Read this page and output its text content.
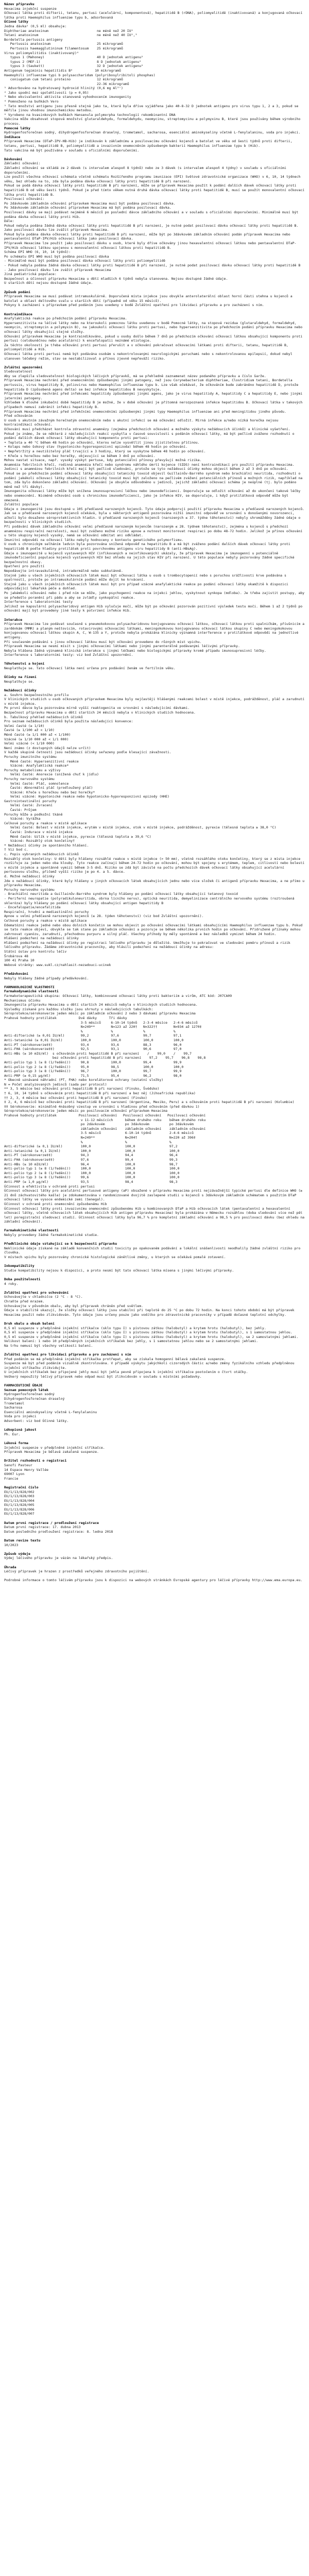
Název přípravku

Hexacima injekční suspenze

Očkovací látka proti difterii, tetanu, pertusi (acelulární, komponentová), hepatitidě B (rDNA), poliomyelitidě (inaktivovaná) a konjugovaná očkovací látka proti Haemophilus influenzae typu b, adsorbovaná

Účinné látky

Jedna dávka¹ (0,5 ml) obsahuje:

Diphtheriae anatoxinum                        ne méně než 20 IU²

Tetani anatoxinum                             ne méně než 40 IU²,³

Bordetella pertussis antigeny

Pertussis anatoxinum                       25 mikrogramů

Pertussis haemagglutininum filamentosum    25 mikrogramů

Virus poliomyelitidis (inaktivovaný)⁴

typus 1 (Mahoney)                          40 D jednotek antigenu⁵

typus 2 (MEF-1)                            8 D jednotek antigenu⁵

typus 3 (Saukett)                          32 D jednotek antigenu⁵

Antigenum tegiminis hepatitidis B⁶           10 mikrogramů

Haemophili influenzae typi b polysaccharidum (polyribosylribitoli phosphas)

coniugatum cum tetani proteino             12 mikrogramů

22-36 mikrogramů

¹ Adsorbováno na hydratovaný hydroxid hlinitý (0,6 mg Al³⁺)

² Jako spodní mez spolehlivosti (p = 0,95)

³ Nebo ekvivalentní aktivita stanovená vyhodnocením imunogenity

⁴ Pomnoženo na buňkách Vero

⁵ Tato množství antigenu jsou přesně stejná jako ta, která byla dříve vyjádřena jako 40-8-32 D jednotek antigenu pro virus typu 1, 2 a 3, pokud se měřila jinou vhodnou imunochemickou metodou.

⁶ Vyrobeno na kvasinkových buňkách Hansenula polymorpha technologií rekombinantní DNA

Vakcína může obsahovat stopová množství glutaraldehydu, formaldehydu, neomycinu, streptomycinu a polymyxinu B, které jsou používány během výrobního procesu.

Pomocné látky

Hydrogenfosforečnan sodný, dihydrogenfosforečnan draselný, trometamol, sacharosa, esenciální aminokyseliny včetně L-fenylalaninu, voda pro injekci.

Indikace

Přípravek Hexacima (DTaP-IPV-HB-Hib) je indikován k základnímu a posilovacímu očkování kojenců a batolat ve věku od šesti týdnů proti difterii, tetanu, pertusi, hepatitidě B, poliomyelitidě a invazivním onemocněním způsobeným bakterií Haemophilus influenzae typu b (Hib).

Tato vakcína má být používána v souladu s oficiálními doporučeními.

Dávkování

Základní očkování:

Základní očkování se skládá ze 2 dávek (s intervalem alespoň 8 týdnů) nebo ze 3 dávek (s intervalem alespoň 4 týdny) v souladu s oficiálními doporučeními.

Lze použít všechna očkovací schémata včetně schématu Rozšířeného programu imunizace (EPI) Světové zdravotnické organizace (WHO) v 6, 10, 14 týdnech věku, bez ohledu na to, zda byla podána dávka očkovací látky proti hepatitidě B při narození.

Pokud se podá dávka očkovací látky proti hepatitidě B při narození, může se přípravek Hexacima použít k podání dalších dávek očkovací látky proti hepatitidě B od věku šesti týdnů. Pokud je před tímto věkem nutná druhá dávka očkovací látky proti hepatitidě B, musí se použít monovalentní očkovací látka proti hepatitidě B.

Posilovací očkování:

Po 2dávkovém základním očkování přípravkem Hexacima musí být podána posilovací dávka.

Po 3dávkovém základním očkování přípravkem Hexacima má být podána posilovací dávka.

Posilovací dávky se mají podávat nejméně 6 měsíců po poslední dávce základního očkování a v souladu s oficiálními doporučeními. Minimálně musí být podána dávka očkovací látky proti Hib.

Dále:

Pokud nebyla podána žádná dávka očkovací látky proti hepatitidě B při narození, je nutné podat posilovací dávku očkovací látky proti hepatitidě B. Jako posilovací dávku lze zvážit přípravek Hexacima.

Pokud byla podána dávka očkovací látky proti hepatitidě B při narození, může být po 3dávkovém základním očkování podán přípravek Hexacima nebo pentavalentní DTaP-IPV/Hib očkovací látka jako posilovací dávka.

Přípravek Hexacima lze použít jako posilovací dávku u osob, které byly dříve očkovány jinou hexavalentní očkovací látkou nebo pentavalentní DTaP-IPV/Hib očkovací látkou spojenou s monovalentní očkovací látkou proti hepatitidě B.

Schéma EPI WHO (6, 10, 14 týdnů):

Po schématu EPI WHO musí být podána posilovací dávka

- Minimálně musí být podána posilovací dávka očkovací látky proti poliomyelitidě

- Pokud nebyla podána žádná dávka očkovací látky proti hepatitidě B při narození, je nutné podat posilovací dávku očkovací látky proti hepatitidě B

- Jako posilovací dávku lze zvážit přípravek Hexacima

Jiná pediatrická populace:

Bezpečnost a účinnost přípravku Hexacima u dětí mladších 6 týdnů nebyla stanovena. Nejsou dostupné žádné údaje.

U starších dětí nejsou dostupné žádné údaje.

Způsob podání

Přípravek Hexacima se musí podávat intramuskulárně. Doporučená místa injekce jsou obvykle anterolaterální oblast horní části stehna u kojenců a batolat a oblast deltového svalu u starších dětí (případně od věku 15 měsíců).

Pokyny k zacházení s přípravkem před podáním jsou uvedeny v bodě Zvláštní opatření pro likvidaci přípravku a pro zacházení s ním.

Kontraindikace

Anafylaktická reakce po předchozím podání přípravku Hexacima.

Hypersenzitivita na léčivé látky nebo na kteroukoli pomocnou látku uvedenou v bodě Pomocné látky, na stopová rezidua (glutaraldehyd, formaldehyd, neomycin, streptomycin a polymyxin B), na jakoukoli očkovací látku proti pertusi, nebo hypersenzitivita po předchozím podání přípravku Hexacima nebo očkovací látky obsahující stejné složky.

Očkování přípravkem Hexacima je kontraindikováno, pokud u osoby došlo během 7 dnů po předchozím očkování očkovací látkou obsahující komponentu proti pertusi (celobuněčnou nebo acelulární) k encefalopatii neznámé etiologie.

Za těchto okolností je třeba očkování proti pertusi přerušit a v očkování pokračovat očkovacími látkami proti difterii, tetanu, hepatitidě B, poliomyelitidě a Hib.

Očkovací látka proti pertusi nemá být podávána osobám s nekontrolovanými neurologickými poruchami nebo s nekontrolovanou epilepsií, dokud nebyl stanoven léčebný režim, stav se nestabilizoval a přínos zjevně nepřeváží riziko.

Zvláštní upozornění

Sledovatelnost

Aby se zlepšila sledovatelnost biologických léčivých přípravků, má se přehledně zaznamenat název podaného přípravku a číslo šarže.

Přípravek Hexacima nechrání před onemocněními způsobenými jinými patogeny, než jsou Corynebacterium diphtheriae, Clostridium tetani, Bordetella pertussis, virus hepatitidy B, poliovirus nebo Haemophilus influenzae typu b. Lze však očekávat, že očkováním bude zabráněno hepatitidě D, protože hepatitida D (způsobená agens delta) se bez infekce hepatitidou B nevyskytuje.

Přípravek Hexacima nechrání před infekcemi hepatitidy způsobenými jinými agens, jako je virus hepatitidy A, hepatitidy C a hepatitidy E, nebo jinými jaterními patogeny.

Vzhledem k dlouhé inkubační době hepatitidy B je možné, že v době očkování je přítomná nerozpoznaná infekce hepatitidou B. Očkovací látka v takových případech nemusí zabránit infekci hepatitidy B.

Přípravek Hexacima nechrání před infekčními onemocněními způsobenými jinými typy Haemophilus influenzae ani před meningitidou jiného původu.

Před očkováním

U osob s akutním závažným horečnatým onemocněním nebo s akutní infekcí se má očkování odložit. Mírná infekce a/nebo nízká horečka nejsou kontraindikací očkování.

Očkování musí předcházet kontrola zdravotní anamnézy (zejména předchozích očkování a možného výskytu nežádoucích účinků) a klinické vyšetření.

Pokud je známo, že se některá z následujících reakcí vyskytla v časové souvislosti s podáním očkovací látky, má být pečlivě zváženo rozhodnutí o podání dalších dávek očkovací látky obsahující komponentu proti pertusi:

• Teplota ≥ 40 °C během 48 hodin po očkování, kterou nelze vysvětlit jinou zjistitelnou příčinou.

• Kolaps nebo šokový stav (hypotonicko-hyporesponzivní epizoda) během 48 hodin po očkování.

• Nepřetržitý a neutišitelný pláč trvající ≥ 3 hodiny, který se vyskytne během 48 hodin po očkování.

• Křeče s horečkou nebo bez horečky, objevující se během 3 dnů po očkování.

Mohou nastat situace, např. vysoký výskyt pertuse, kdy potenciální přínosy převyšují možná rizika.

Anamnéza febrilních křečí, rodinná anamnéza křečí nebo syndromu náhlého úmrtí kojence (SIDS) není kontraindikací pro použití přípravku Hexacima. Jedinci s anamnézou febrilních křečí mají být pečlivě sledováni, protože se tyto nežádoucí účinky mohou objevit během 2 až 3 dnů po očkování.

Pokud se po předchozím podání očkovací látky obsahující tetanický toxoid objevil Guillainův-Barrého syndrom nebo brachiální neuritida, rozhodnutí o podání jakékoli očkovací látky obsahující tetanický toxoid musí být založeno na pečlivém zvážení potenciálních přínosů a možných rizik, například na tom, zda bylo dokončeno základní očkování. Očkování je obvykle odůvodněno u jedinců, jejichž základní očkovací schéma je neúplné (tj. bylo podáno méně než tři dávky).

Imunogenita očkovací látky může být snížena imunosupresivní léčbou nebo imunodeficiencí. Doporučuje se odložit očkování až do ukončení takové léčby nebo onemocnění. Nicméně očkování osob s chronickou imunodeficiencí, jako je infekce HIV, se doporučuje, i když protilátková odpověď může být omezená.

Zvláštní populace

Údaje o imunogenitě jsou dostupné u 105 předčasně narozených kojenců. Tyto údaje podporují použití přípravku Hexacima u předčasně narozených kojenců. Jak se u předčasně narozených kojenců očekává, byla u některých antigenů pozorována nižší imunitní odpověď ve srovnání s donošenými novorozenci, ačkoli bylo dosaženo séroprotektivních hladin. U předčasně narozených kojenců (narozených ≤ 37. týdne těhotenství) nebyly shromážděny žádné údaje o bezpečnosti v klinických studiích.

Při podávání dávek základního očkování velmi předčasně narozeným kojencům (narozeným ≤ 28. týdnem těhotenství), zejména u kojenců s předchozí anamnézou respirační nezralosti, musí být zváženo možné riziko apnoe a nutnost monitorovat respiraci po dobu 48-72 hodin. Jelikož je přínos očkování u této skupiny kojenců vysoký, nemá se očkování odmítat ani odkládat.

Imunitní odpovědi na očkovací látku nebyly hodnoceny v kontextu genetického polymorfismu.

U osob s chronickým selháním ledvin byla pozorována snížená odpověď na hepatitidu B a má být zváženo podání dalších dávek očkovací látky proti hepatitidě B podle hladiny protilátek proti povrchovému antigenu viru hepatitidy B (anti-HBsAg).

Údaje o imunogenitě u kojenců vystavených HIV (infikovaných a neinfikovaných) ukázaly, že přípravek Hexacima je imunogenní u potenciálně imunodeficientní populace kojenců vystavených HIV bez ohledu na jejich stav HIV při narození. U této populace nebyly pozorovány žádné specifické bezpečnostní obavy.

Opatření pro použití

Nepodávejte intravaskulárně, intradermálně nebo subkutánně.

Stejně jako u všech injekčních očkovacích látek musí být očkovací látka u osob s trombocytopenií nebo s poruchou srážlivosti krve podávána s opatrností, protože po intramuskulárním podání může dojít ke krvácení.

Stejně jako u všech injekčních očkovacích látek musí být pro případ vzácné anafylaktické reakce po podání očkovací látky okamžitě k dispozici odpovídající lékařská péče a dohled.

Po jakémkoli očkování nebo i před ním se může, jako psychogenní reakce na injekci jehlou, vyskytnout synkopa (mdloba). Je třeba zajistit postupy, aby se předešlo poranění při pádu a aby se zvládly synkopální reakce.

Interference s laboratorními testy

Jelikož se kapsulární polysacharidový antigen Hib vylučuje močí, může být po očkování pozorován pozitivní výsledek testu moči. Během 1 až 2 týdnů po očkování mají být provedeny jiné testy k potvrzení infekce Hib.

Interakce

Přípravek Hexacima lze podávat současně s pneumokokovou polysacharidovou konjugovanou očkovací látkou, očkovací látkou proti spalničkám, příušnicím a zarděnkám (MMR) a planým neštovicím, rotavirovými očkovacími látkami, meningokokovou konjugovanou očkovací látkou skupiny C nebo meningokokovou konjugovanou očkovací látkou skupin A, C, W-135 a Y, protože nebyla prokázána klinicky významná interference v protilátkové odpovědi na jednotlivé antigeny.

Při současném podávání s jinou očkovací látkou musí být očkování provedeno do různých míst vpichu.

Přípravek Hexacima se nesmí mísit s jinými očkovacími látkami nebo jinými parenterálně podávanými léčivými přípravky.

Nebyla hlášena žádná významná klinická interakce s jinými léčbami nebo biologickými přípravky kromě případu imunosupresivní léčby.

Interference s laboratorními testy: viz bod Zvláštní upozornění.

Těhotenství a kojení

Neuplatňuje se. Tato očkovací látka není určena pro podávání ženám ve fertilním věku.

Účinky na řízení

Neuplatňuje se.

Nežádoucí účinky

a. Souhrn bezpečnostního profilu

V klinických studiích u osob očkovaných přípravkem Hexacima byly nejčastěji hlášenými reakcemi bolest v místě injekce, podrážděnost, pláč a zarudnutí v místě injekce.

Po první dávce byla pozorována mírně vyšší reaktogenita ve srovnání s následujícími dávkami.

Bezpečnost přípravku Hexacima u dětí starších 24 měsíců nebyla v klinických studiích hodnocena.

b. Tabulkový přehled nežádoucích účinků

Pro seznam nežádoucích účinků byla použita následující konvence:

Velmi časté (≥ 1/10)

Časté (≥ 1/100 až < 1/10)

Méně časté (≥ 1/1 000 až < 1/100)

Vzácné (≥ 1/10 000 až < 1/1 000)

Velmi vzácné (< 1/10 000)

Není známo (z dostupných údajů nelze určit)

V každé skupině četností jsou nežádoucí účinky seřazeny podle klesající závažnosti.

Poruchy imunitního systému

Méně časté: Hypersenzitivní reakce

Vzácné: Anafylaktická reakce*

Poruchy metabolismu a výživy

Velmi časté: Anorexie (snížená chuť k jídlu)

Poruchy nervového systému

Velmi časté: Pláč, somnolence

Časté: Abnormální pláč (prodloužený pláč)

Vzácné: Křeče s horečkou nebo bez horečky*

Velmi vzácné: Hypotonické reakce nebo hypotonicko-hyporesponzivní epizody (HHE)

Gastrointestinální poruchy

Velmi časté: Zvracení

Časté: Průjem

Poruchy kůže a podkožní tkáně

Vzácné: Vyrážka

Celkové poruchy a reakce v místě aplikace

Velmi časté: Bolest v místě injekce, erytém v místě injekce, otok v místě injekce, podrážděnost, pyrexie (tělesná teplota ≥ 38,0 °C)

Časté: Indurace v místě injekce

Méně časté: Uzlík v místě injekce, pyrexie (tělesná teplota ≥ 39,6 °C)

Vzácné: Rozsáhlý otok končetiny†

* Nežádoucí účinky ze spontánního hlášení.

† Viz bod c.

c. Popis vybraných nežádoucích účinků

Rozsáhlý otok končetiny: U dětí byly hlášeny rozsáhlé reakce v místě injekce (> 50 mm), včetně rozsáhlého otoku končetiny, který se z místa injekce rozšiřuje za jeden nebo oba klouby. Tyto reakce začínají během 24-72 hodin po očkování, mohou být spojeny s erytémem, teplem, citlivostí nebo bolestí v místě injekce a spontánně vymizí během 3-5 dnů. Riziko se zdá být závislé na počtu předchozích dávek očkovací látky obsahující acelulární pertusovou složku, přičemž vyšší riziko je po 4. a 5. dávce.

d. Možné nežádoucí účinky

Jde o nežádoucí účinky, které byly hlášeny u jiných očkovacích látek obsahujících jednu nebo více složek či antigenů přípravku Hexacima, a ne přímo u přípravku Hexacima.

Poruchy nervového systému

- Brachiální neuritida a Guillainův-Barrého syndrom byly hlášeny po podání očkovací látky obsahující tetanový toxoid

- Periferní neuropatie (polyradikuloneuritida, obrna lícního nervu), optická neuritida, demyelinizace centrálního nervového systému (roztroušená skleróza) byly hlášeny po podání očkovací látky obsahující antigen hepatitidy B

- Encefalopatie/encefalitida

Respirační, hrudní a mediastinální poruchy

Apnoe u velmi předčasně narozených kojenců (≤ 28. týden těhotenství) (viz bod Zvláštní upozornění).

Celkové poruchy a reakce v místě aplikace

Edematózní reakce jedné nebo obou dolních končetin se mohou objevit po očkování očkovacími látkami obsahujícími Haemophilus influenzae typu b. Pokud se tato reakce objeví, obvykle se tak stane po základním očkování a pozoruje se během několika prvních hodin po očkování. Přidružené příznaky mohou zahrnovat cyanózu, zarudnutí, přechodnou purpuru a silný pláč. Všechny příhody by měly spontánně a bez následků vymizet během 24 hodin.

Hlášení podezření na nežádoucí účinky

Hlášení podezření na nežádoucí účinky po registraci léčivého přípravku je důležité. Umožňuje to pokračovat ve sledování poměru přínosů a rizik léčivého přípravku. Žádáme zdravotnické pracovníky, aby hlásili podezření na nežádoucí účinky na adresu:

Státní ústav pro kontrolu léčiv

Šrobárova 48

100 41 Praha 10

Webové stránky: www.sukl.cz/nahlasit-nezadouci-ucinek

Předávkování

Nebyly hlášeny žádné případy předávkování.

FARMAKOLOGICKÉ VLASTNOSTI

Farmakodynamické vlastnosti

Farmakoterapeutická skupina: Očkovací látky, kombinované očkovací látky proti bakteriím a virům, ATC kód: J07CA09

Mechanismus účinku

Imunogenita přípravku Hexacima u dětí starších 24 měsíců nebyla v klinických studiích hodnocena.

Výsledky získané pro každou složku jsou shrnuty v následujících tabulkách:

Séroprotekce/sérokonverze jeden měsíc po základním očkování 2 nebo 3 dávkami přípravku Hexacima

Prahové hodnoty protilátek           Dvě dávky      Tři dávky

3-5 měsíců     6-10-14 týdnů   2-3-4 měsíce   2-4-6 měsíců

N=249**        N=123 až 220†   N=322††        N=934 až 1270‡

%              %               %              %

Anti-difterické (≥ 0,01 IU/ml)        99,2           97,6            99,7           97,1

Anti-tetanické (≥ 0,01 IU/ml)         100,0          100,0           100,0          100,0

Anti-PT (sérokonverze‡‡)              93,4           93,6            88,3           96,0

Anti-FHA (sérokonverze‡‡)             92,5           93,1            90,6           97,0

Anti-HBs (≥ 10 mIU/ml)  s očkováním proti hepatitidě B při narození    /    99,0    /    99,7

bez očkování proti hepatitidě B při narození    97,2    95,7    96,8    98,8

Anti-polio typ 1 (≥ 8 (1/ředění))     90,8           100,0           99,4           99,9

Anti-polio typ 2 (≥ 8 (1/ředění))     95,0           98,5            100,0          100,0

Anti-polio typ 3 (≥ 8 (1/ředění))     96,7           100,0           99,7           99,9

Anti-PRP (≥ 0,15 µg/ml)               71,5           95,4            96,2           98,0

* Obecně uznávané náhradní (PT, FHA) nebo korelátorové ochrany (ostatní složky)

N = Počet analyzovaných jedinců (sada per protocol)

** 3, 5 měsíce bez očkování proti hepatitidě B při narození (Finsko, Švédsko)

† 6, 10, 14 týdnů s očkováním proti hepatitidě B při narození a bez něj (Jihoafrická republika)

†† 2, 3, 4 měsíce bez očkování proti hepatitidě B při narození (Finsko)

‡ 2, 4, 6 měsíců bez očkování proti hepatitidě B při narození (Argentina, Mexiko, Peru) a s očkováním proti hepatitidě B při narození (Kolumbie)

‡‡ Sérokonverze: minimálně 4násobný vzestup ve srovnání s hladinou před očkováním (před dávkou 1)

Séroprotekce/sérokonverze jeden měsíc po posilovacím očkování přípravkem Hexacima

Prahové hodnoty protilátek           Posilovací očkování   Posilovací očkování   Posilovací očkování

v 11-12 měsících      během druhého roku    během druhého roku

po 2dávkovém          po 3dávkovém          po 3dávkovém

základním očkování    základním očkování    základním očkování

3-5 měsíců            6-10-14 týdnů         2-4-6 měsíců

N=249**               N=204†                N=220 až 396‡

%                     %                     %

Anti-difterické (≥ 0,1 IU/ml)         100,0                 100,0                 97,2

Anti-tetanické (≥ 0,1 IU/ml)          100,0                 100,0                 100,0

Anti-PT (sérokonverze‡‡)              94,3                  94,4                  96,4

Anti-FHA (sérokonverze‡‡)             97,6                  99,4                  99,3

Anti-HBs (≥ 10 mIU/ml)                96,4                  100,0                 98,7

Anti-polio typ 1 (≥ 8 (1/ředění))     100,0                 100,0                 100,0

Anti-polio typ 2 (≥ 8 (1/ředění))     100,0                 100,0                 100,0

Anti-polio typ 3 (≥ 8 (1/ředění))     99,6                  100,0                 100,0

Anti-PRP (≥ 1,0 µg/ml)                93,5                  98,4                  98,3

Účinnost a efektivita v ochraně proti pertusi

Účinnost očkovací látky pro acelulární pertusové antigeny (aP) obsažené v přípravku Hexacima proti nejzávažnější typické pertusi dle definice WHO (≥ 21 dnů záchvatovitého kašle) je zdokumentována v randomizované dvojitě zaslepené studii u kojenců s 3dávkovým základním schématem s použitím DTaP očkovací látky ve vysoce endemické zemi (Senegal).

Účinnost v ochraně proti onemocnění způsobenému Hib

Účinnost očkovací látky proti invazivnímu onemocnění způsobenému Hib u kombinovaných DTaP a Hib očkovacích látek (pentavalentní a hexavalentní očkovací látky, včetně očkovacích látek obsahujících Hib antigen přípravku Hexacima) byla prokázána v Německu rozsáhlou (doba sledování více než pět let) poregistrační sledovací studií. Účinnost očkovací látky byla 96,7 % pro kompletní základní očkování a 98,5 % pro posilovací dávku (bez ohledu na základní očkování).

Farmakokinetické vlastnosti

Nebyly provedeny žádné farmakokinetické studie.

Předklinické údaje vztahující se k bezpečnosti přípravku

Neklinické údaje získané na základě konvenčních studií toxicity po opakovaném podávání a lokální snášenlivosti neodhalily žádné zvláštní riziko pro člověka.

V místech vpichu byly pozorovány chronické histologické zánětlivé změny, u kterých se očekává pomalé zotavení.

Inkompatibility

Studie kompatibility nejsou k dispozici, a proto nesmí být tato očkovací látka mísena s jinými léčivými přípravky.

Doba použitelnosti

4 roky.

Zvláštní opatření pro uchovávání

Uchovávejte v chladničce (2 °C - 8 °C).

Chraňte před mrazem.

Uchovávejte v původním obalu, aby byl přípravek chráněn před světlem.

Údaje o stabilitě ukazují, že složky očkovací látky jsou stabilní při teplotě do 25 °C po dobu 72 hodin. Na konci tohoto období má být přípravek Hexacima použit nebo zlikvidován. Tyto údaje jsou určeny pouze jako vodítko pro zdravotnické pracovníky v případě dočasné teplotní odchylky.

Druh obalu a obsah balení

0,5 ml suspenze v předplněné injekční stříkačce (sklo typu I) s pístovou zátkou (halobutyl) a krytem hrotu (halobutyl), bez jehly.

0,5 ml suspenze v předplněné injekční stříkačce (sklo typu I) s pístovou zátkou (halobutyl) a krytem hrotu (halobutyl), s 1 samostatnou jehlou.

0,5 ml suspenze v předplněné injekční stříkačce (sklo typu I) s pístovou zátkou (halobutyl) a krytem hrotu (halobutyl), se 2 samostatnými jehlami.

Velikost balení: 1 nebo 10 předplněných injekčních stříkaček bez jehly, s 1 samostatnou jehlou nebo se 2 samostatnými jehlami.

Na trhu nemusí být všechny velikosti balení.

Zvláštní opatření pro likvidaci přípravku a pro zacházení s ním

Před podáním se má předplněná injekční stříkačka protřepat, aby se získala homogenní bělavá zakalená suspenze.

Suspenze má být před podáním vizuálně zkontrolována. V případě výskytu jakýchkoli cizorodých částic a/nebo změny fyzikálního vzhledu předplněnou injekční stříkačku zlikvidujte.

U injekčních stříkaček bez připojené jehly musí být jehla pevně připojena k injekční stříkačce pootočením o čtvrt otáčky.

Veškerý nepoužitý léčivý přípravek nebo odpad musí být zlikvidován v souladu s místními požadavky.

FARMACEUTICKÉ ÚDAJE

Seznam pomocných látek

Hydrogenfosforečnan sodný

Dihydrogenfosforečnan draselný

Trometamol

Sacharosa

Esenciální aminokyseliny včetně L-fenylalaninu

Voda pro injekci

Adsorbent: viz bod Účinné látky.

Lékopisná jakost

Ph. Eur.

Léková forma

Injekční suspenze v předplněné injekční stříkačce.

Přípravek Hexacima je bělavá zakalená suspenze.

Držitel rozhodnutí o registraci

Sanofi Pasteur

14 Espace Henry Vallée

69007 Lyon

Francie

Registrační číslo

EU/1/13/828/002

EU/1/13/828/003

EU/1/13/828/004

EU/1/13/828/005

EU/1/13/828/006

EU/1/13/828/007

Datum první registrace / prodloužení registrace

Datum první registrace: 17. dubna 2013

Datum posledního prodloužení registrace: 8. ledna 2018

Datum revize textu

10/2023

Způsob výdeje

Výdej léčivého přípravku je vázán na lékařský předpis.

Úhrada

Léčivý přípravek je hrazen z prostředků veřejného zdravotního pojištění.

Podrobné informace o tomto léčivém přípravku jsou k dispozici na webových stránkách Evropské agentury pro léčivé přípravky http://www.ema.europa.eu.
